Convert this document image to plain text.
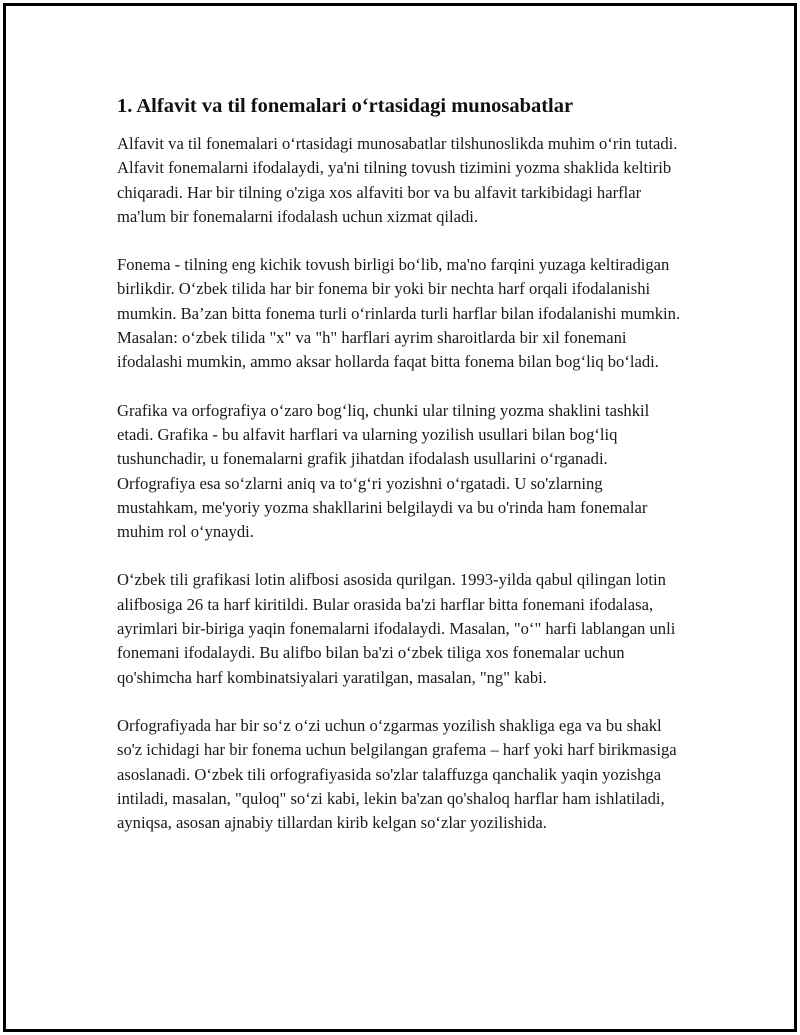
1. Alfavit va til fonemalari o‘rtasidagi munosabatlar

Alfavit va til fonemalari o‘rtasidagi munosabatlar tilshunoslikda muhim o‘rin tutadi. Alfavit fonemalarni ifodalaydi, ya'ni tilning tovush tizimini yozma shaklida keltirib chiqaradi. Har bir tilning o'ziga xos alfaviti bor va bu alfavit tarkibidagi harflar ma'lum bir fonemalarni ifodalash uchun xizmat qiladi.

Fonema - tilning eng kichik tovush birligi bo‘lib, ma'no farqini yuzaga keltiradigan birlikdir. O‘zbek tilida har bir fonema bir yoki bir nechta harf orqali ifodalanishi mumkin. Ba’zan bitta fonema turli o‘rinlarda turli harflar bilan ifodalanishi mumkin. Masalan: o‘zbek tilida "x" va "h" harflari ayrim sharoitlarda bir xil fonemani ifodalashi mumkin, ammo aksar hollarda faqat bitta fonema bilan bog‘liq bo‘ladi.

Grafika va orfografiya o‘zaro bog‘liq, chunki ular tilning yozma shaklini tashkil etadi. Grafika - bu alfavit harflari va ularning yozilish usullari bilan bog‘liq tushunchadir, u fonemalarni grafik jihatdan ifodalash usullarini o‘rganadi. Orfografiya esa so‘zlarni aniq va to‘g‘ri yozishni o‘rgatadi. U so'zlarning mustahkam, me'yoriy yozma shakllarini belgilaydi va bu o'rinda ham fonemalar muhim rol o‘ynaydi.

O‘zbek tili grafikasi lotin alifbosi asosida qurilgan. 1993-yilda qabul qilingan lotin alifbosiga 26 ta harf kiritildi. Bular orasida ba'zi harflar bitta fonemani ifodalasa, ayrimlari bir-biriga yaqin fonemalarni ifodalaydi. Masalan, "o‘" harfi lablangan unli fonemani ifodalaydi. Bu alifbo bilan ba'zi o‘zbek tiliga xos fonemalar uchun qo'shimcha harf kombinatsiyalari yaratilgan, masalan, "ng" kabi.

Orfografiyada har bir so‘z o‘zi uchun o‘zgarmas yozilish shakliga ega va bu shakl so'z ichidagi har bir fonema uchun belgilangan grafema – harf yoki harf birikmasiga asoslanadi. O‘zbek tili orfografiyasida so'zlar talaffuzga qanchalik yaqin yozishga intiladi, masalan, "quloq" so‘zi kabi, lekin ba'zan qo'shaloq harflar ham ishlatiladi, ayniqsa, asosan ajnabiy tillardan kirib kelgan so‘zlar yozilishida.
